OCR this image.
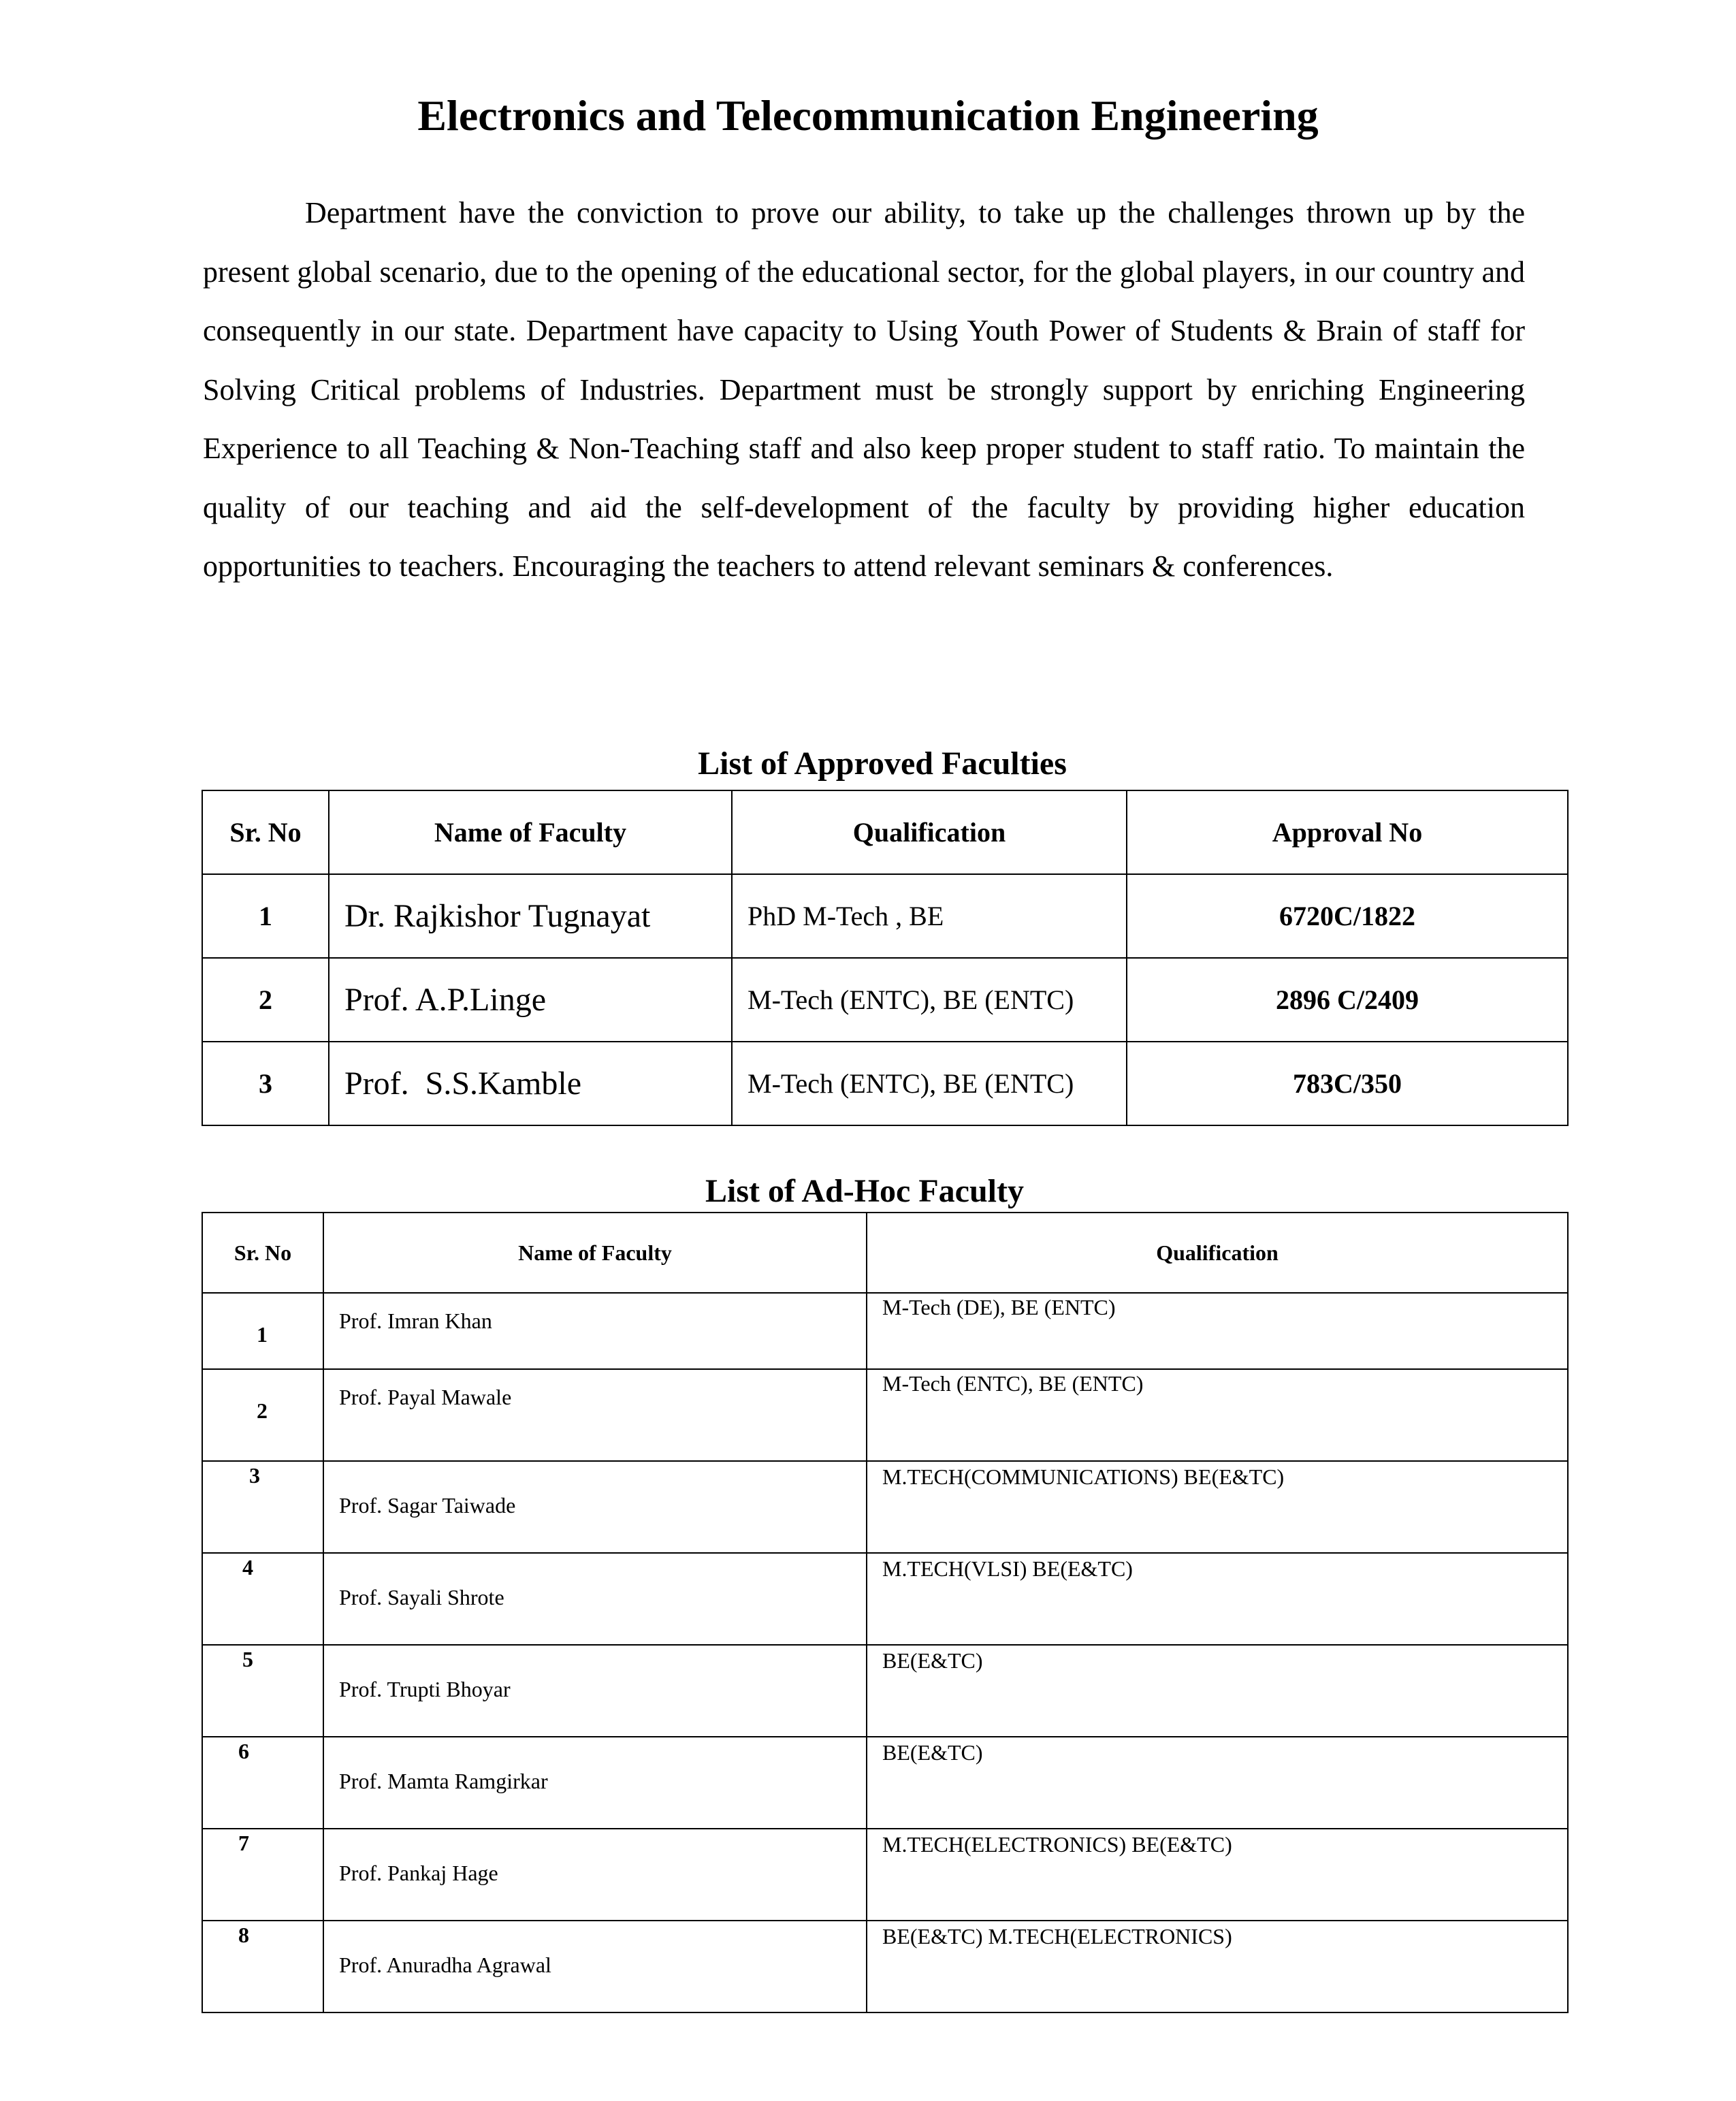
Electronics and Telecommunication Engineering

Department have the conviction to prove our ability, to take up the challenges thrown up by the present global scenario, due to the opening of the educational sector, for the global players, in our country and consequently in our state. Department have capacity to Using Youth Power of Students & Brain of staff for Solving Critical problems of Industries. Department must be strongly support by enriching Engineering Experience to all Teaching & Non-Teaching staff and also keep proper student to staff ratio. To maintain the quality of our teaching and aid the self-development of the faculty by providing higher education opportunities to teachers. Encouraging the teachers to attend relevant seminars & conferences.

List of Approved Faculties
Sr. No	Name of Faculty	Qualification	Approval No
1	Dr. Rajkishor Tugnayat	PhD M-Tech , BE	6720C/1822
2	Prof. A.P.Linge	M-Tech (ENTC), BE (ENTC)	2896 C/2409
3	Prof.  S.S.Kamble	M-Tech (ENTC), BE (ENTC)	783C/350
List of Ad-Hoc Faculty
Sr. No	Name of Faculty	Qualification

1	Prof. Imran Khan	M-Tech (DE), BE (ENTC)

2	Prof. Payal Mawale	M-Tech (ENTC), BE (ENTC)

3	Prof. Sagar Taiwade	M.TECH(COMMUNICATIONS) BE(E&TC)

4	Prof. Sayali Shrote	M.TECH(VLSI) BE(E&TC)

5	Prof. Trupti Bhoyar	BE(E&TC)

6	Prof. Mamta Ramgirkar	BE(E&TC)

7	Prof. Pankaj Hage	M.TECH(ELECTRONICS) BE(E&TC)

8	Prof. Anuradha Agrawal	BE(E&TC) M.TECH(ELECTRONICS)
